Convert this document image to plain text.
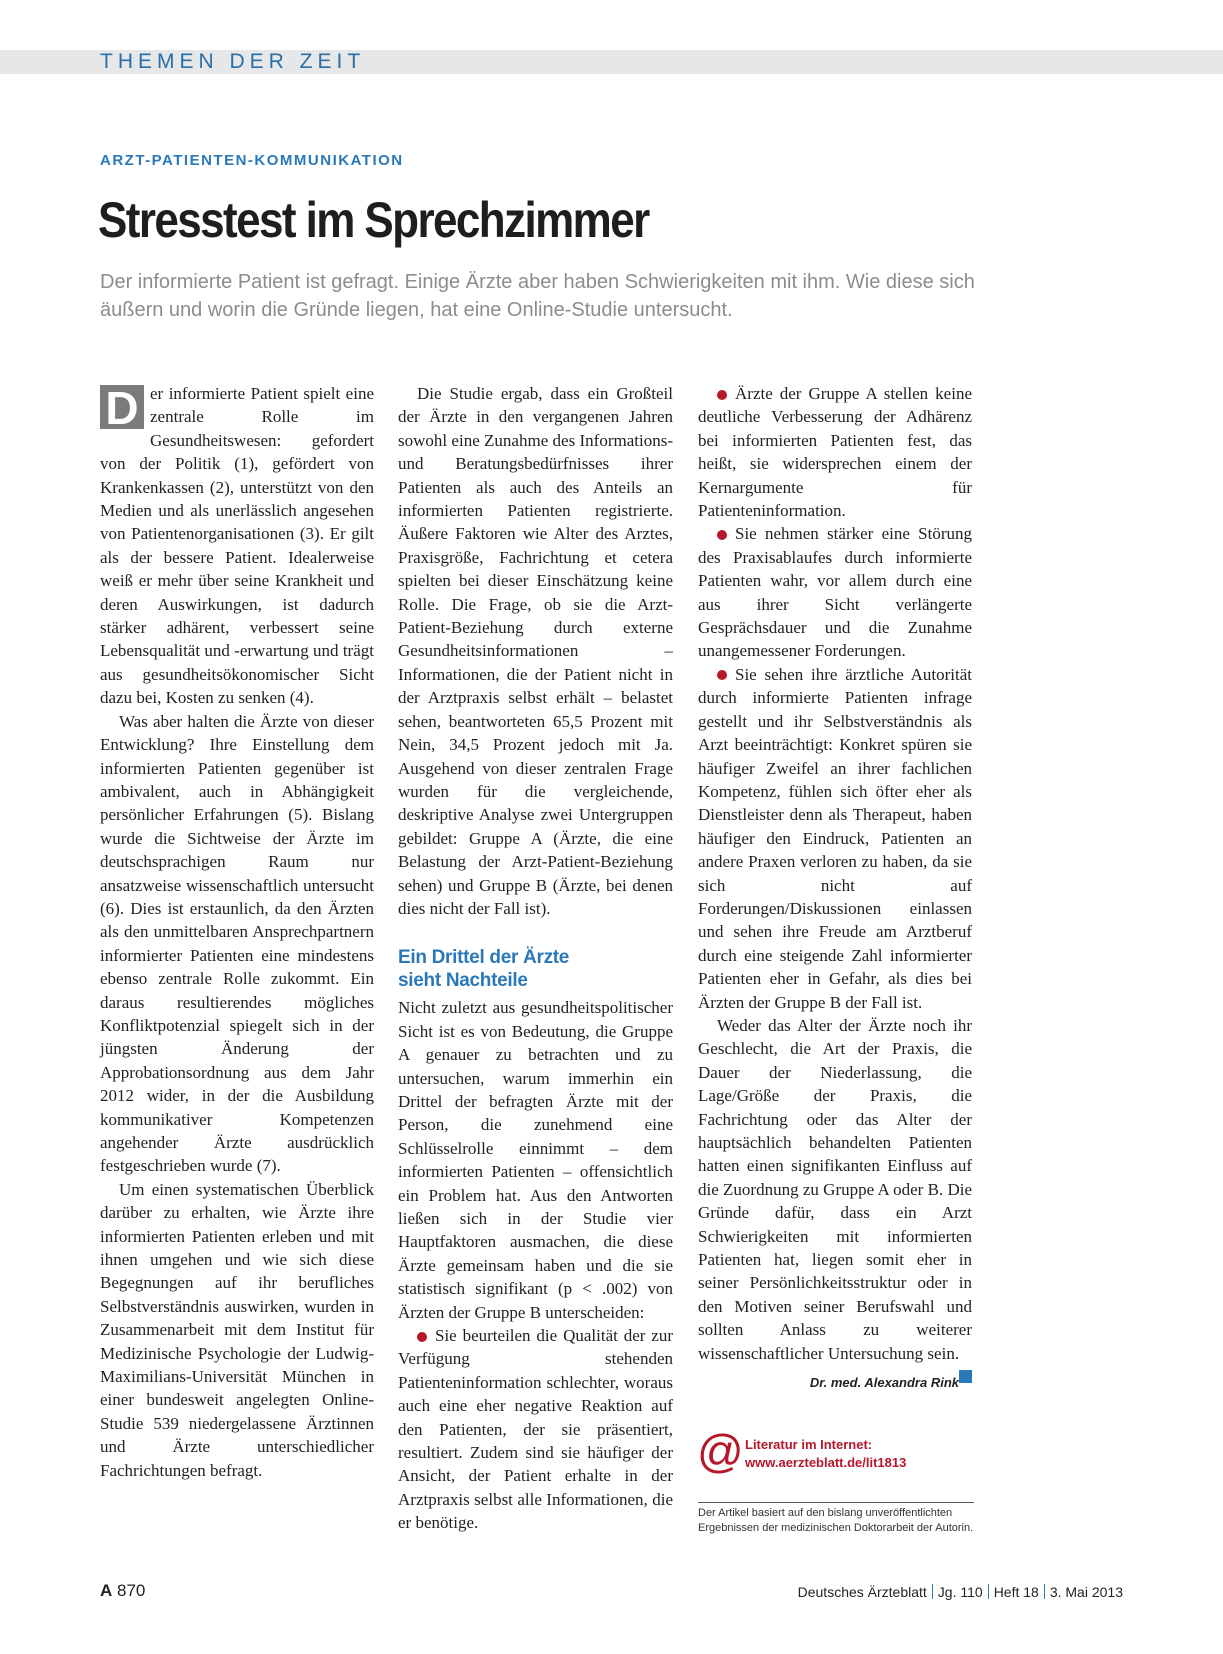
THEMEN DER ZEIT
ARZT-PATIENTEN-KOMMUNIKATION
Stresstest im Sprechzimmer
Der informierte Patient ist gefragt. Einige Ärzte aber haben Schwierigkeiten mit ihm. Wie diese sich äußern und worin die Gründe liegen, hat eine Online-Studie untersucht.

D er informierte Patient spielt eine zentrale Rolle im Gesundheitswesen: gefordert von der Politik (1), gefördert von Krankenkassen (2), unterstützt von den Medien und als unerlässlich angesehen von Patientenorganisationen (3). Er gilt als der bessere Patient. Idealerweise weiß er mehr über seine Krankheit und deren Auswirkungen, ist dadurch stärker adhärent, verbessert seine Lebensqualität und -erwartung und trägt aus gesundheitsökonomischer Sicht dazu bei, Kosten zu senken (4).

Was aber halten die Ärzte von dieser Entwicklung? Ihre Einstellung dem informierten Patienten gegenüber ist ambivalent, auch in Abhängigkeit persönlicher Erfahrungen (5). Bislang wurde die Sichtweise der Ärzte im deutschsprachigen Raum nur ansatzweise wissenschaftlich untersucht (6). Dies ist erstaunlich, da den Ärzten als den unmittelbaren Ansprechpartnern informierter Patienten eine mindestens ebenso zentrale Rolle zukommt. Ein daraus resultierendes mögliches Konfliktpotenzial spiegelt sich in der jüngsten Änderung der Approbationsordnung aus dem Jahr 2012 wider, in der die Ausbildung kommunikativer Kompetenzen angehender Ärzte ausdrücklich festgeschrieben wurde (7).

Um einen systematischen Überblick darüber zu erhalten, wie Ärzte ihre informierten Patienten erleben und mit ihnen umgehen und wie sich diese Begegnungen auf ihr berufliches Selbstverständnis auswirken, wurden in Zusammenarbeit mit dem Institut für Medizinische Psychologie der Ludwig-Maximilians-Universität München in einer bundesweit angelegten Online-Studie 539 niedergelassene Ärztinnen und Ärzte unterschiedlicher Fachrichtungen befragt.

Die Studie ergab, dass ein Großteil der Ärzte in den vergangenen Jahren sowohl eine Zunahme des Informations- und Beratungsbedürfnisses ihrer Patienten als auch des Anteils an informierten Patienten registrierte. Äußere Faktoren wie Alter des Arztes, Praxisgröße, Fachrichtung et cetera spielten bei dieser Einschätzung keine Rolle. Die Frage, ob sie die Arzt-Patient-Beziehung durch externe Gesundheitsinformationen – Informationen, die der Patient nicht in der Arztpraxis selbst erhält – belastet sehen, beantworteten 65,5 Prozent mit Nein, 34,5 Prozent jedoch mit Ja. Ausgehend von dieser zentralen Frage wurden für die vergleichende, deskriptive Analyse zwei Untergruppen gebildet: Gruppe A (Ärzte, die eine Belastung der Arzt-Patient-Beziehung sehen) und Gruppe B (Ärzte, bei denen dies nicht der Fall ist).

Ein Drittel der Ärzte
sieht Nachteile

Nicht zuletzt aus gesundheitspolitischer Sicht ist es von Bedeutung, die Gruppe A genauer zu betrachten und zu untersuchen, warum immerhin ein Drittel der befragten Ärzte mit der Person, die zunehmend eine Schlüsselrolle einnimmt – dem informierten Patienten – offensichtlich ein Problem hat. Aus den Antworten ließen sich in der Studie vier Hauptfaktoren ausmachen, die diese Ärzte gemeinsam haben und die sie statistisch signifikant (p < .002) von Ärzten der Gruppe B unterscheiden:

Sie beurteilen die Qualität der zur Verfügung stehenden Patienteninformation schlechter, woraus auch eine eher negative Reaktion auf den Patienten, der sie präsentiert, resultiert. Zudem sind sie häufiger der Ansicht, der Patient erhalte in der Arztpraxis selbst alle Informationen, die er benötige.

Ärzte der Gruppe A stellen keine deutliche Verbesserung der Adhärenz bei informierten Patienten fest, das heißt, sie widersprechen einem der Kernargumente für Patienteninformation.

Sie nehmen stärker eine Störung des Praxisablaufes durch informierte Patienten wahr, vor allem durch eine aus ihrer Sicht verlängerte Gesprächsdauer und die Zunahme unangemessener Forderungen.

Sie sehen ihre ärztliche Autorität durch informierte Patienten infrage gestellt und ihr Selbstverständnis als Arzt beeinträchtigt: Konkret spüren sie häufiger Zweifel an ihrer fachlichen Kompetenz, fühlen sich öfter eher als Dienstleister denn als Therapeut, haben häufiger den Eindruck, Patienten an andere Praxen verloren zu haben, da sie sich nicht auf Forderungen/Diskussionen einlassen und sehen ihre Freude am Arztberuf durch eine steigende Zahl informierter Patienten eher in Gefahr, als dies bei Ärzten der Gruppe B der Fall ist.

Weder das Alter der Ärzte noch ihr Geschlecht, die Art der Praxis, die Dauer der Niederlassung, die Lage/Größe der Praxis, die Fachrichtung oder das Alter der hauptsächlich behandelten Patienten hatten einen signifikanten Einfluss auf die Zuordnung zu Gruppe A oder B. Die Gründe dafür, dass ein Arzt Schwierigkeiten mit informierten Patienten hat, liegen somit eher in seiner Persönlichkeitsstruktur oder in den Motiven seiner Berufswahl und sollten Anlass zu weiterer wissenschaftlicher Untersuchung sein.

Dr. med. Alexandra Rink
@ Literatur im Internet:
www.aerzteblatt.de/lit1813
Der Artikel basiert auf den bislang unveröffentlichten Ergebnissen der medizinischen Doktorarbeit der Autorin.
A 870	Deutsches Ärzteblatt Jg. 110 Heft 18 3. Mai 2013
